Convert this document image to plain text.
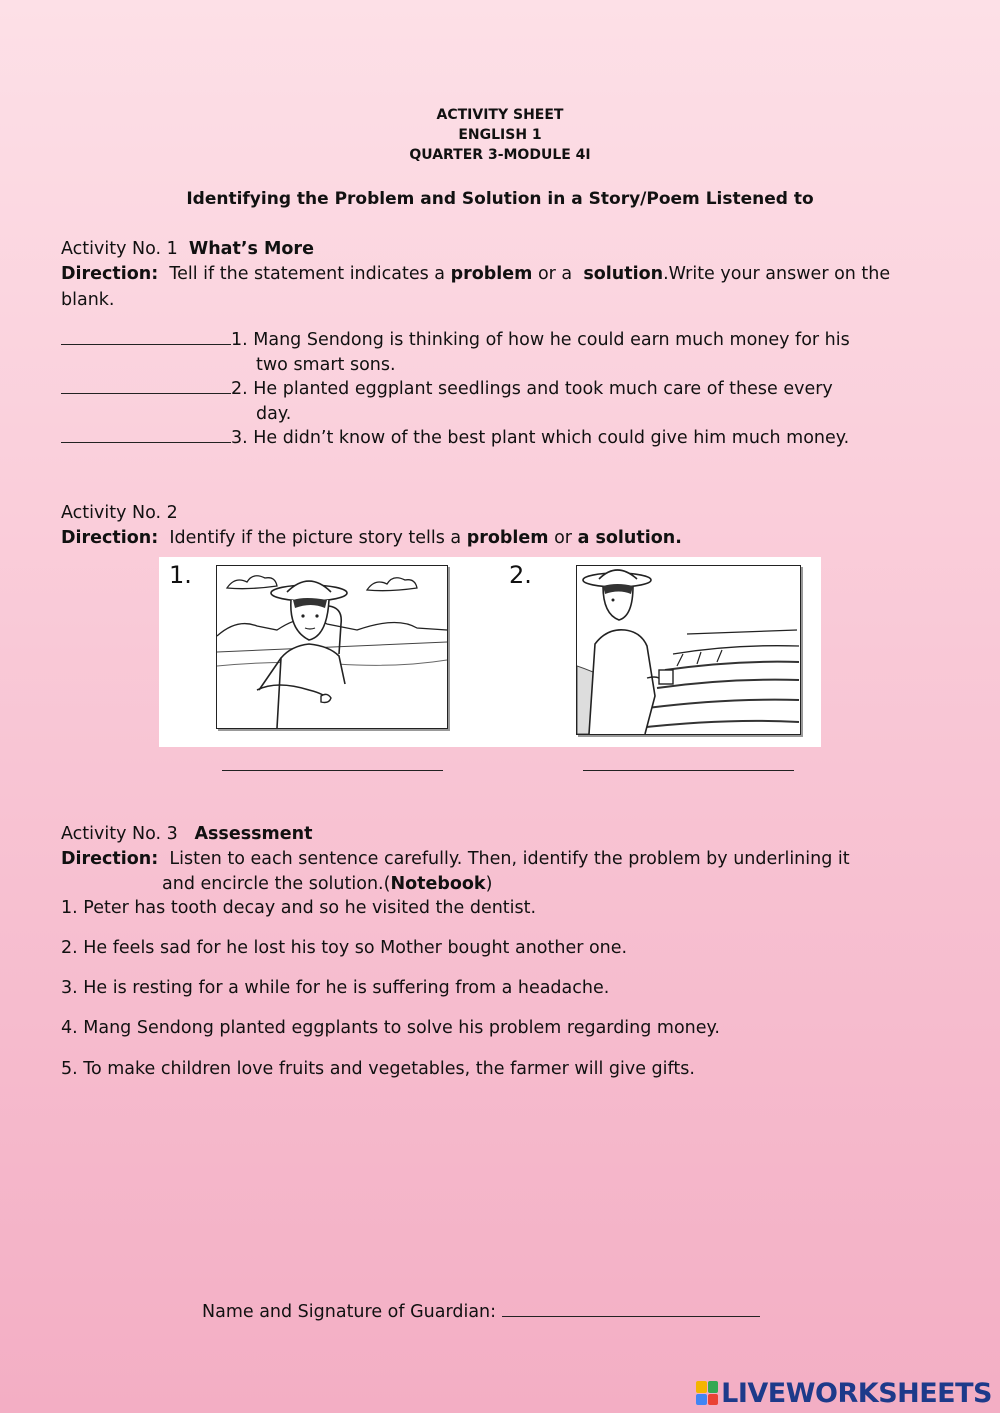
ACTIVITY SHEET
ENGLISH 1
QUARTER 3-MODULE 4I
Identifying the Problem and Solution in a Story/Poem Listened to
Activity No. 1 What’s More
Direction: Tell if the statement indicates a problem or a solution.Write your answer on the
blank.
1. Mang Sendong is thinking of how he could earn much money for his
two smart sons.
2. He planted eggplant seedlings and took much care of these every
day.
3. He didn’t know of the best plant which could give him much money.
Activity No. 2
Direction: Identify if the picture story tells a problem or a solution.
1.	2.
Activity No. 3 Assessment
Direction: Listen to each sentence carefully. Then, identify the problem by underlining it
and encircle the solution.(Notebook)
1. Peter has tooth decay and so he visited the dentist.
2. He feels sad for he lost his toy so Mother bought another one.
3. He is resting for a while for he is suffering from a headache.
4. Mang Sendong planted eggplants to solve his problem regarding money.
5. To make children love fruits and vegetables, the farmer will give gifts.
Name and Signature of Guardian:
LIVEWORKSHEETS
